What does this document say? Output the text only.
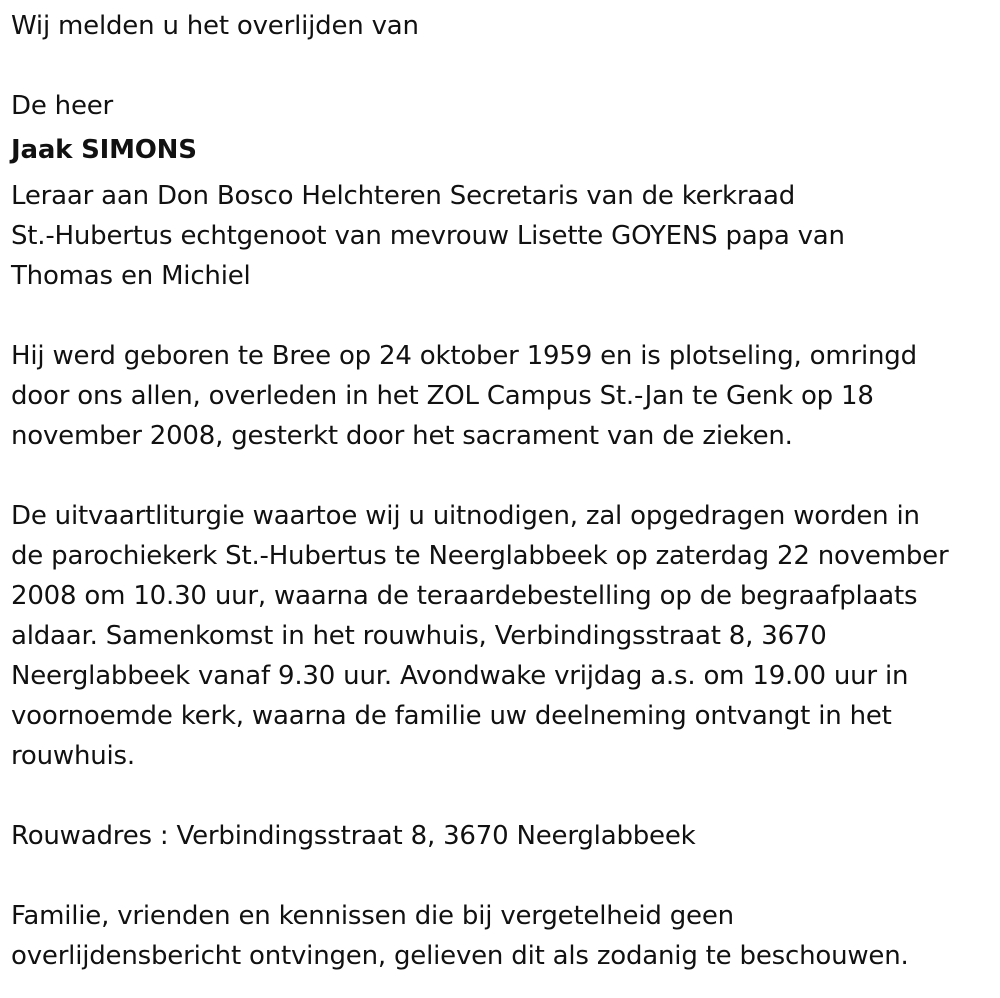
Wij melden u het overlijden van

De heer

Jaak SIMONS

Leraar aan Don Bosco Helchteren Secretaris van de kerkraad

St.-Hubertus echtgenoot van mevrouw Lisette GOYENS papa van

Thomas en Michiel

Hij werd geboren te Bree op 24 oktober 1959 en is plotseling, omringd

door ons allen, overleden in het ZOL Campus St.-Jan te Genk op 18

november 2008, gesterkt door het sacrament van de zieken.

De uitvaartliturgie waartoe wij u uitnodigen, zal opgedragen worden in

de parochiekerk St.-Hubertus te Neerglabbeek op zaterdag 22 november

2008 om 10.30 uur, waarna de teraardebestelling op de begraafplaats

aldaar. Samenkomst in het rouwhuis, Verbindingsstraat 8, 3670

Neerglabbeek vanaf 9.30 uur. Avondwake vrijdag a.s. om 19.00 uur in

voornoemde kerk, waarna de familie uw deelneming ontvangt in het

rouwhuis.

Rouwadres : Verbindingsstraat 8, 3670 Neerglabbeek

Familie, vrienden en kennissen die bij vergetelheid geen

overlijdensbericht ontvingen, gelieven dit als zodanig te beschouwen.
